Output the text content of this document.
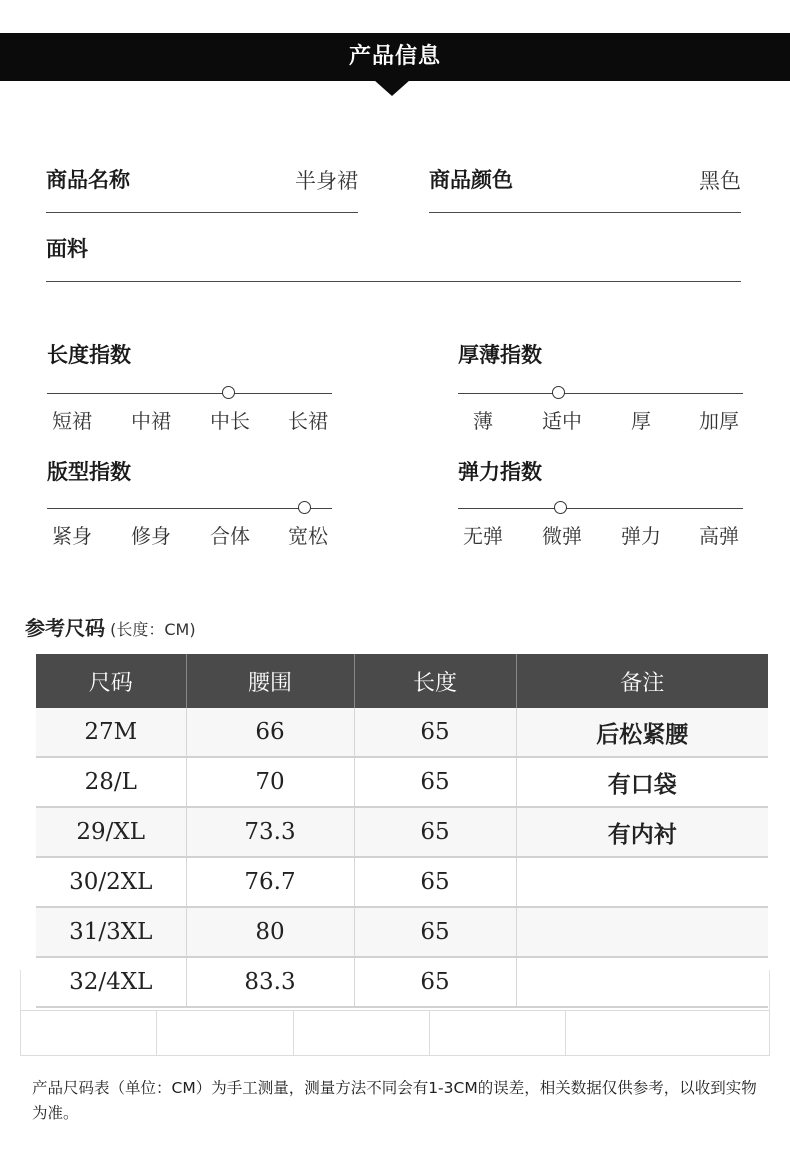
产品信息
商品名称	半身裙	商品颜色	黑色
面料
长度指数
短裙	中裙	中长	长裙
厚薄指数
薄	适中	厚	加厚
版型指数
紧身	修身	合体	宽松
弹力指数
无弹	微弹	弹力	高弹
参考尺码 (长度：CM)
尺码	腰围	长度	备注
27M	66	65	后松紧腰
28/L	70	65	有口袋
29/XL	73.3	65	有内衬
30/2XL	76.7	65	
31/3XL	80	65	
32/4XL	83.3	65	
产品尺码表（单位：CM）为手工测量，测量方法不同会有1-3CM的误差，相关数据仅供参考，以收到实物为准。
